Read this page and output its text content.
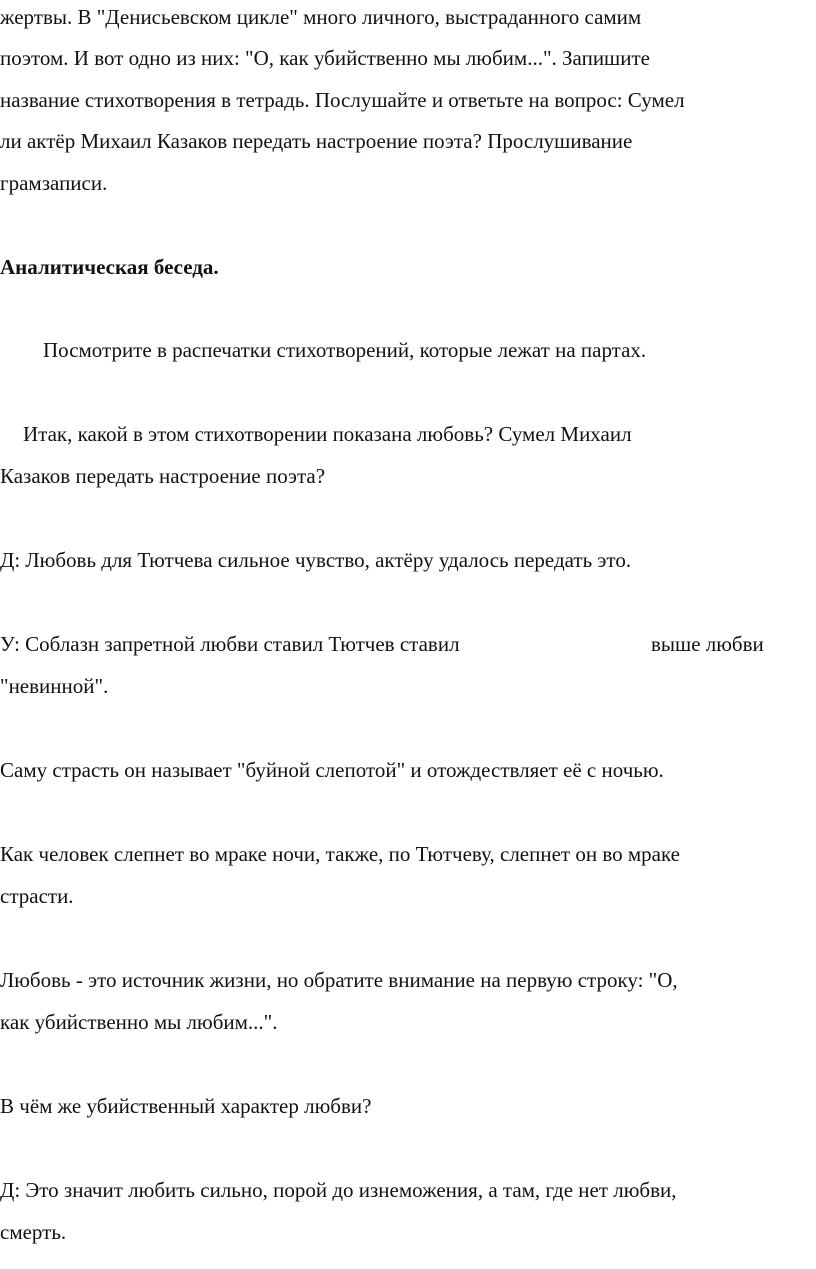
жертвы. В "Денисьевском цикле" много личного, выстраданного самим
поэтом. И вот одно из них: "О, как убийственно мы любим...". Запишите
название стихотворения в тетрадь. Послушайте и ответьте на вопрос: Сумел
ли актёр Михаил Казаков передать настроение поэта? Прослушивание
грамзаписи.
Аналитическая беседа.
Посмотрите в распечатки стихотворений, которые лежат на партах.
Итак, какой в этом стихотворении показана любовь? Сумел Михаил
Казаков передать настроение поэта?
Д: Любовь для Тютчева сильное чувство, актёру удалось передать это.
У: Соблазн запретной любви ставил Тютчев ставил	выше любви
"невинной".
Саму страсть он называет "буйной слепотой" и отождествляет её с ночью.
Как человек слепнет во мраке ночи, также, по Тютчеву, слепнет он во мраке
страсти.
Любовь - это источник жизни, но обратите внимание на первую строку: "О,
как убийственно мы любим...".
В чём же убийственный характер любви?
Д: Это значит любить сильно, порой до изнеможения, а там, где нет любви,
смерть.
